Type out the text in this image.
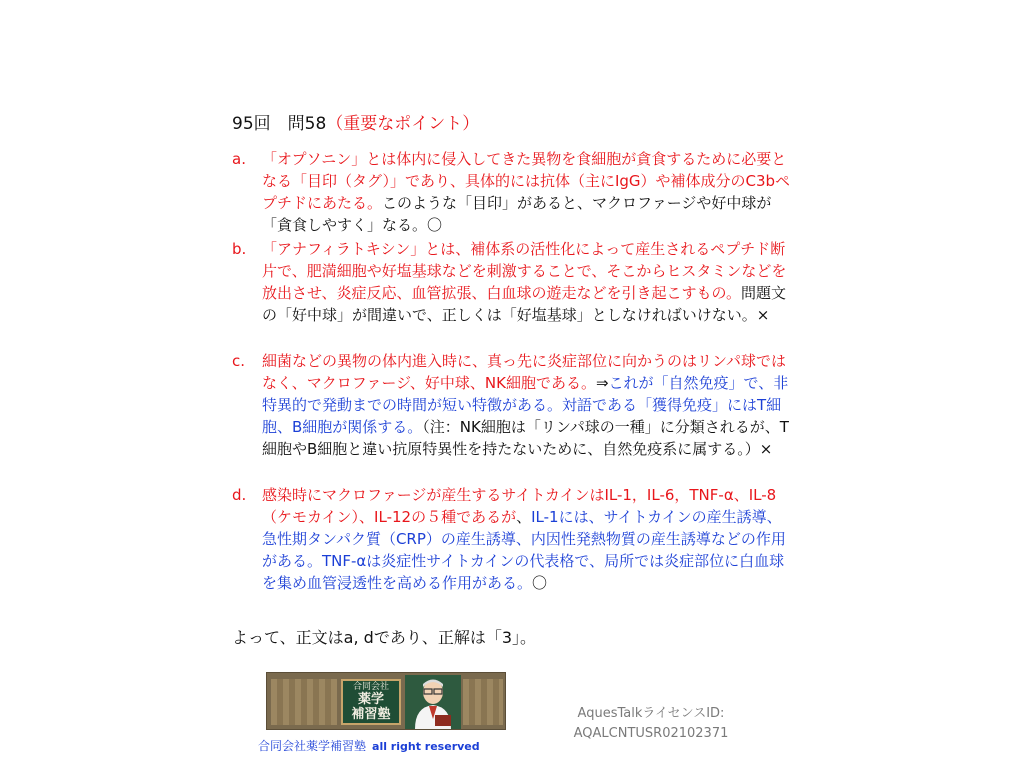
95回　問58（重要なポイント）
a. 「オプソニン」とは体内に侵入してきた異物を食細胞が貪食するために必要となる「目印（タグ）」であり、具体的には抗体（主にIgG）や補体成分のC3bペプチドにあたる。このような「目印」があると、マクロファージや好中球が「貪食しやすく」なる。〇
b. 「アナフィラトキシン」とは、補体系の活性化によって産生されるペプチド断片で、肥満細胞や好塩基球などを刺激することで、そこからヒスタミンなどを放出させ、炎症反応、血管拡張、白血球の遊走などを引き起こすもの。問題文の「好中球」が間違いで、正しくは「好塩基球」としなければいけない。×
c. 細菌などの異物の体内進入時に、真っ先に炎症部位に向かうのはリンパ球ではなく、マクロファージ、好中球、NK細胞である。⇒これが「自然免疫」で、非特異的で発動までの時間が短い特徴がある。対語である「獲得免疫」にはT細胞、B細胞が関係する。（注：NK細胞は「リンパ球の一種」に分類されるが、T細胞やB細胞と違い抗原特異性を持たないために、自然免疫系に属する。）×
d. 感染時にマクロファージが産生するサイトカインはIL-1，IL-6，TNF-α、IL-8（ケモカイン）、IL-12の５種であるが、IL-1には、サイトカインの産生誘導、急性期タンパク質（CRP）の産生誘導、内因性発熱物質の産生誘導などの作用がある。TNF-αは炎症性サイトカインの代表格で、局所では炎症部位に白血球を集め血管浸透性を高める作用がある。〇
よって、正文はa, dであり、正解は「3」。
合同会社
薬学
補習塾
合同会社薬学補習塾 all right reserved
AquesTalkライセンスID:
AQALCNTUSR02102371
